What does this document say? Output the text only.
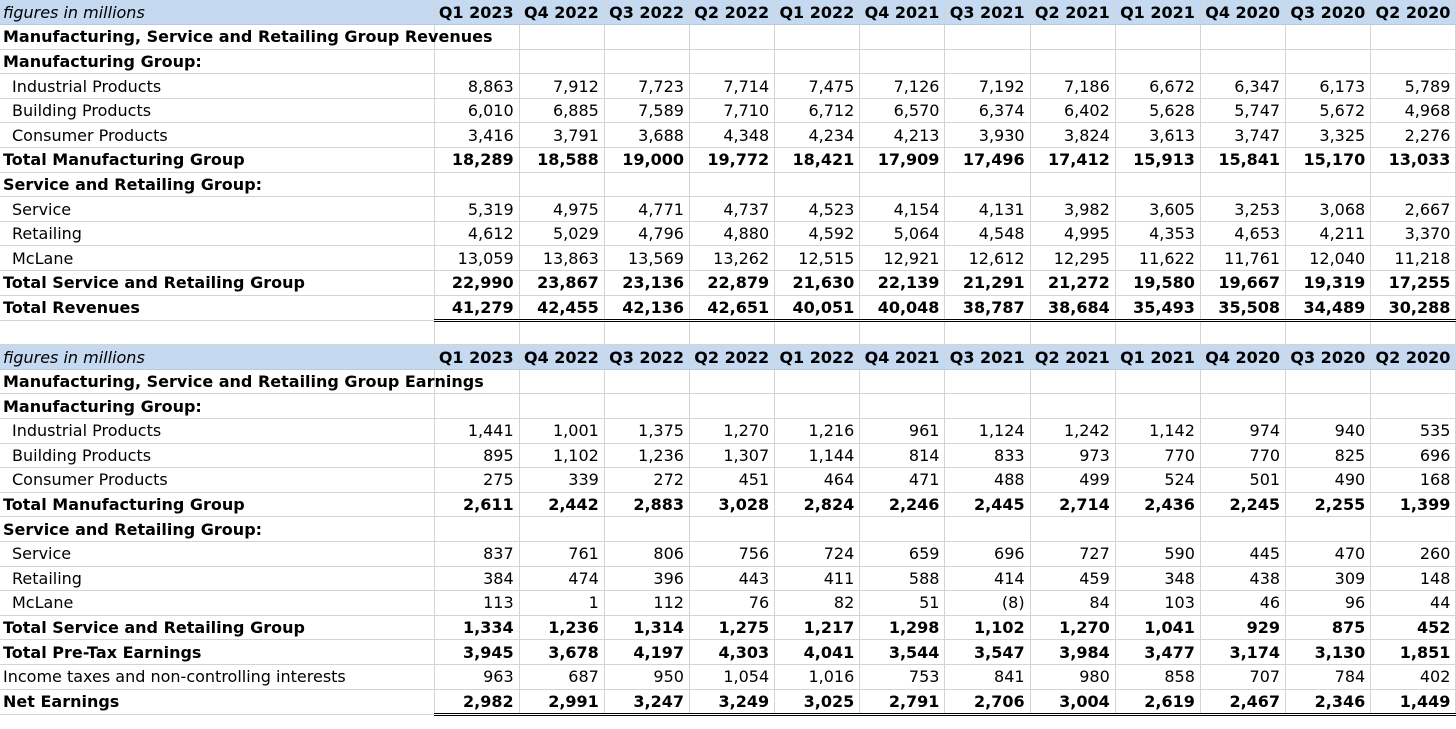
figures in millions	Q1 2023	Q4 2022	Q3 2022	Q2 2022	Q1 2022	Q4 2021	Q3 2021	Q2 2021	Q1 2021	Q4 2020	Q3 2020	Q2 2020
Manufacturing, Service and Retailing Group Revenues												
Manufacturing Group:												
Industrial Products	8,863	7,912	7,723	7,714	7,475	7,126	7,192	7,186	6,672	6,347	6,173	5,789
Building Products	6,010	6,885	7,589	7,710	6,712	6,570	6,374	6,402	5,628	5,747	5,672	4,968
Consumer Products	3,416	3,791	3,688	4,348	4,234	4,213	3,930	3,824	3,613	3,747	3,325	2,276
Total Manufacturing Group	18,289	18,588	19,000	19,772	18,421	17,909	17,496	17,412	15,913	15,841	15,170	13,033
Service and Retailing Group:												
Service	5,319	4,975	4,771	4,737	4,523	4,154	4,131	3,982	3,605	3,253	3,068	2,667
Retailing	4,612	5,029	4,796	4,880	4,592	5,064	4,548	4,995	4,353	4,653	4,211	3,370
McLane	13,059	13,863	13,569	13,262	12,515	12,921	12,612	12,295	11,622	11,761	12,040	11,218
Total Service and Retailing Group	22,990	23,867	23,136	22,879	21,630	22,139	21,291	21,272	19,580	19,667	19,319	17,255
Total Revenues	41,279	42,455	42,136	42,651	40,051	40,048	38,787	38,684	35,493	35,508	34,489	30,288

figures in millions	Q1 2023	Q4 2022	Q3 2022	Q2 2022	Q1 2022	Q4 2021	Q3 2021	Q2 2021	Q1 2021	Q4 2020	Q3 2020	Q2 2020
Manufacturing, Service and Retailing Group Earnings												
Manufacturing Group:												
Industrial Products	1,441	1,001	1,375	1,270	1,216	961	1,124	1,242	1,142	974	940	535
Building Products	895	1,102	1,236	1,307	1,144	814	833	973	770	770	825	696
Consumer Products	275	339	272	451	464	471	488	499	524	501	490	168
Total Manufacturing Group	2,611	2,442	2,883	3,028	2,824	2,246	2,445	2,714	2,436	2,245	2,255	1,399
Service and Retailing Group:												
Service	837	761	806	756	724	659	696	727	590	445	470	260
Retailing	384	474	396	443	411	588	414	459	348	438	309	148
McLane	113	1	112	76	82	51	(8)	84	103	46	96	44
Total Service and Retailing Group	1,334	1,236	1,314	1,275	1,217	1,298	1,102	1,270	1,041	929	875	452
Total Pre-Tax Earnings	3,945	3,678	4,197	4,303	4,041	3,544	3,547	3,984	3,477	3,174	3,130	1,851
Income taxes and non-controlling interests	963	687	950	1,054	1,016	753	841	980	858	707	784	402
Net Earnings	2,982	2,991	3,247	3,249	3,025	2,791	2,706	3,004	2,619	2,467	2,346	1,449
